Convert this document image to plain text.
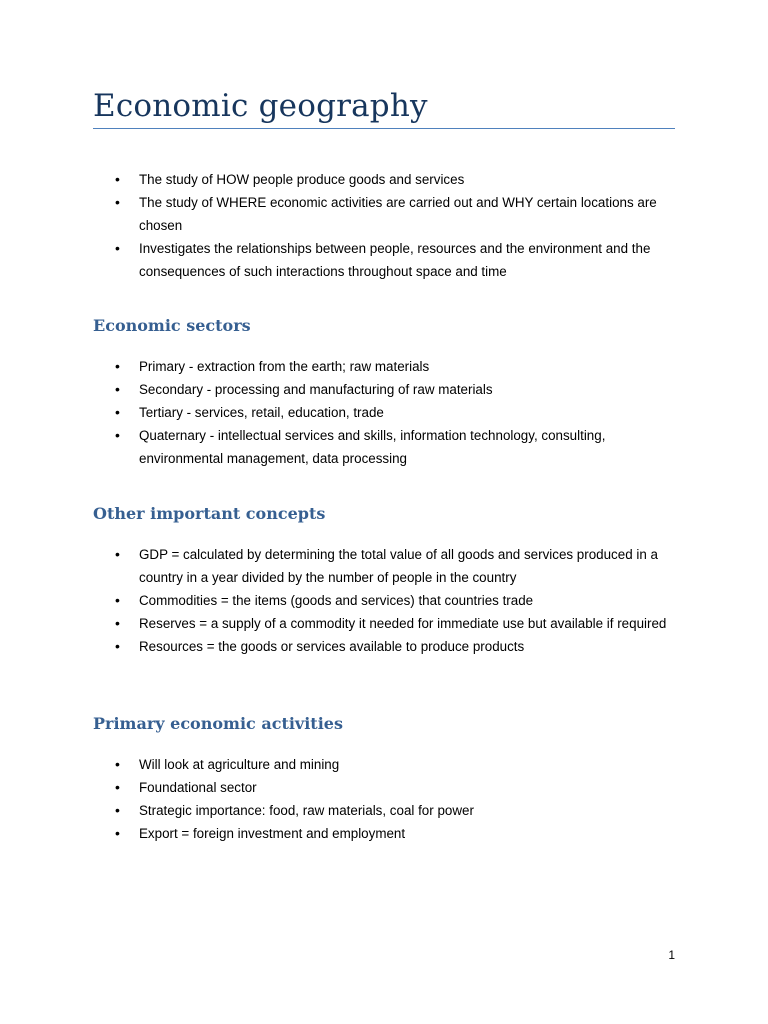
Economic geography
• The study of HOW people produce goods and services
• The study of WHERE economic activities are carried out and WHY certain locations are chosen
• Investigates the relationships between people, resources and the environment and the consequences of such interactions throughout space and time
Economic sectors
• Primary - extraction from the earth; raw materials
• Secondary - processing and manufacturing of raw materials
• Tertiary - services, retail, education, trade
• Quaternary - intellectual services and skills, information technology, consulting, environmental management, data processing
Other important concepts
• GDP = calculated by determining the total value of all goods and services produced in a country in a year divided by the number of people in the country
• Commodities = the items (goods and services) that countries trade
• Reserves = a supply of a commodity it needed for immediate use but available if required
• Resources = the goods or services available to produce products
Primary economic activities
• Will look at agriculture and mining
• Foundational sector
• Strategic importance: food, raw materials, coal for power
• Export = foreign investment and employment
1
